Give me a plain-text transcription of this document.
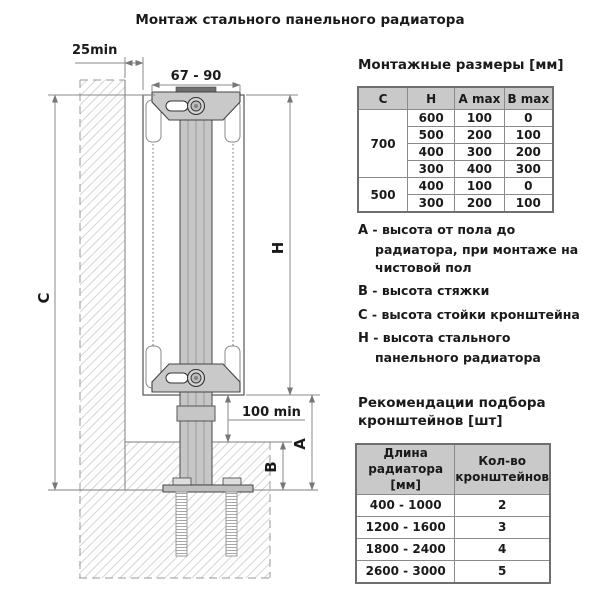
Монтаж стального панельного радиатора
25min
67 - 90
100 min
C
H
A
B
Монтажные размеры [мм]
C	H	A max	B max
700	600	100	0
	500	200	100
	400	300	200
	300	400	300
500	400	100	0
	300	200	100
A - высота от пола до радиатора, при монтаже на чистовой пол
B - высота стяжки
C - высота стойки кронштейна
H - высота стального панельного радиатора
Рекомендации подбора кронштейнов [шт]
Длина радиатора [мм]	Кол-во кронштейнов
400 - 1000	2
1200 - 1600	3
1800 - 2400	4
2600 - 3000	5
